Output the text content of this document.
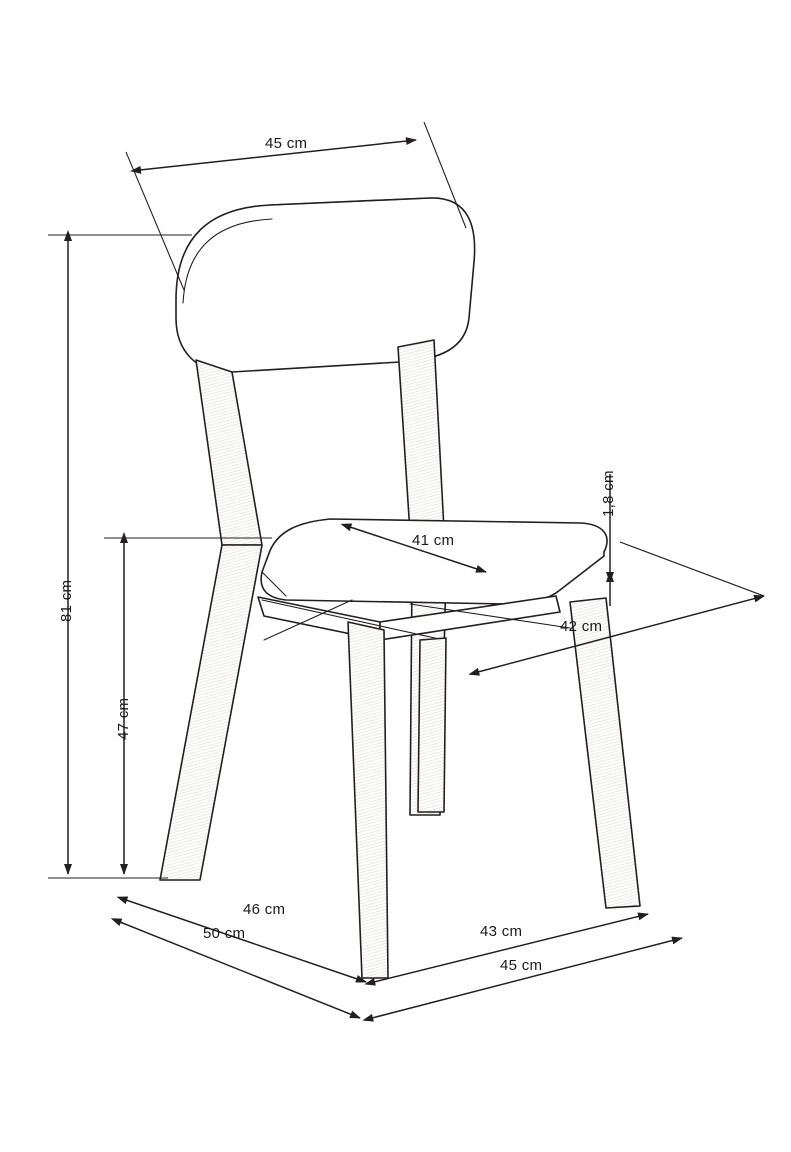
45 cm
81 cm
47 cm
1,8 cm
41 cm
42 cm
46 cm
50 cm	43 cm
45 cm
